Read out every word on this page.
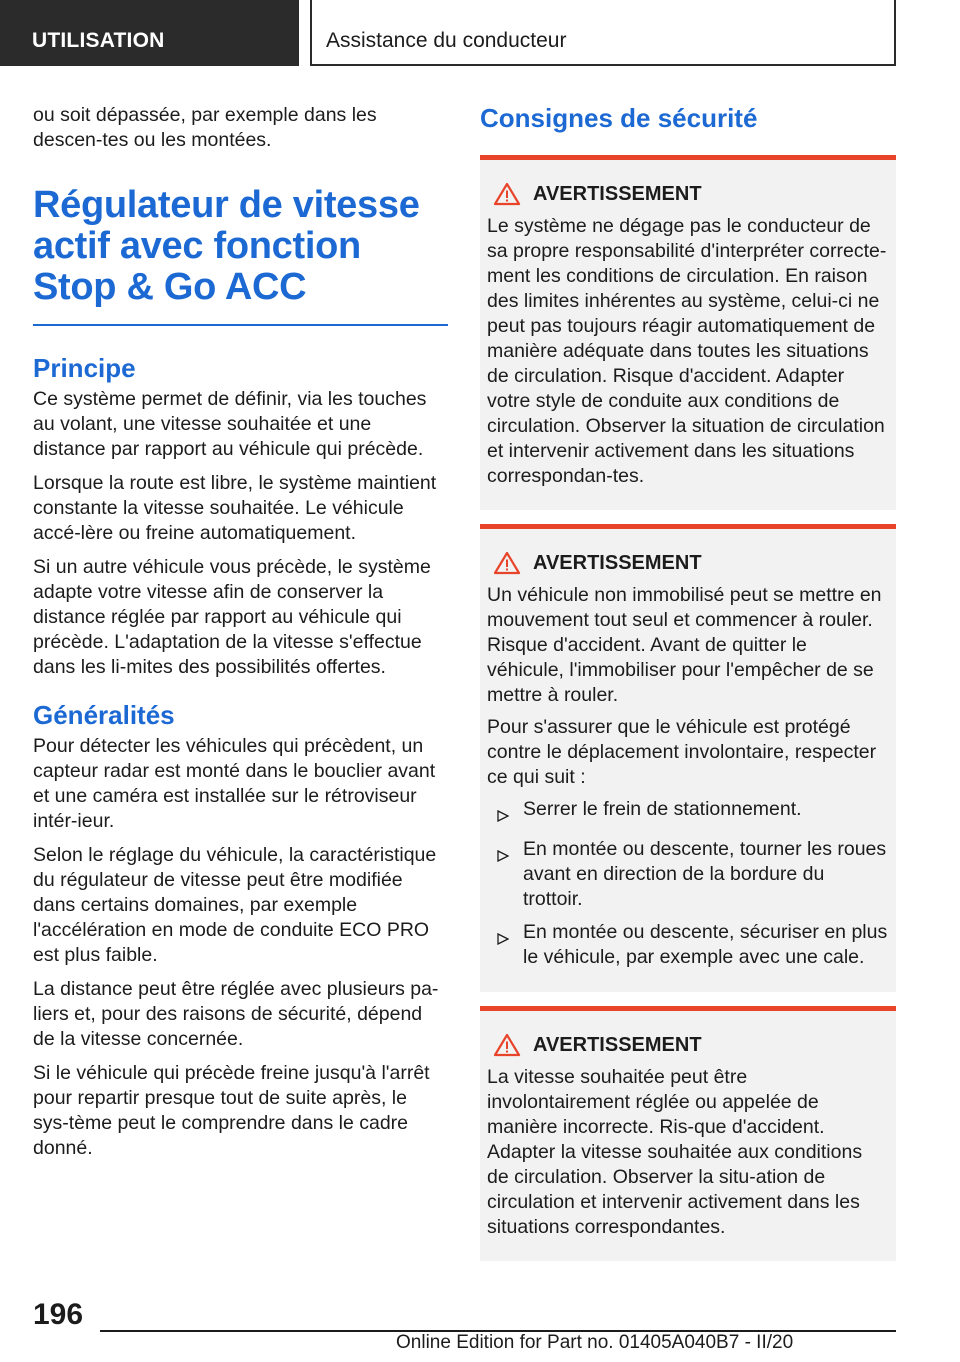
UTILISATION	Assistance du conducteur

ou soit dépassée, par exemple dans les descen-tes ou les montées.

Régulateur de vitesse actif avec fonction Stop & Go ACC
Principe

Ce système permet de définir, via les touches au volant, une vitesse souhaitée et une distance par rapport au véhicule qui précède.

Lorsque la route est libre, le système maintient constante la vitesse souhaitée. Le véhicule accé-lère ou freine automatiquement.

Si un autre véhicule vous précède, le système adapte votre vitesse afin de conserver la distance réglée par rapport au véhicule qui précède. L'adaptation de la vitesse s'effectue dans les li-mites des possibilités offertes.

Généralités

Pour détecter les véhicules qui précèdent, un capteur radar est monté dans le bouclier avant et une caméra est installée sur le rétroviseur intér-ieur.

Selon le réglage du véhicule, la caractéristique du régulateur de vitesse peut être modifiée dans certains domaines, par exemple l'accélération en mode de conduite ECO PRO est plus faible.

La distance peut être réglée avec plusieurs pa-liers et, pour des raisons de sécurité, dépend de la vitesse concernée.

Si le véhicule qui précède freine jusqu'à l'arrêt pour repartir presque tout de suite après, le sys-tème peut le comprendre dans le cadre donné.

Consignes de sécurité
AVERTISSEMENT

Le système ne dégage pas le conducteur de sa propre responsabilité d'interpréter correcte-ment les conditions de circulation. En raison des limites inhérentes au système, celui-ci ne peut pas toujours réagir automatiquement de manière adéquate dans toutes les situations de circulation. Risque d'accident. Adapter votre style de conduite aux conditions de circulation. Observer la situation de circulation et intervenir activement dans les situations correspondan-tes.

AVERTISSEMENT

Un véhicule non immobilisé peut se mettre en mouvement tout seul et commencer à rouler. Risque d'accident. Avant de quitter le véhicule, l'immobiliser pour l'empêcher de se mettre à rouler.

Pour s'assurer que le véhicule est protégé contre le déplacement involontaire, respecter ce qui suit :

Serrer le frein de stationnement.
En montée ou descente, tourner les roues avant en direction de la bordure du trottoir.
En montée ou descente, sécuriser en plus le véhicule, par exemple avec une cale.
AVERTISSEMENT

La vitesse souhaitée peut être involontairement réglée ou appelée de manière incorrecte. Ris-que d'accident. Adapter la vitesse souhaitée aux conditions de circulation. Observer la situ-ation de circulation et intervenir activement dans les situations correspondantes.

196
Online Edition for Part no. 01405A040B7 - II/20
